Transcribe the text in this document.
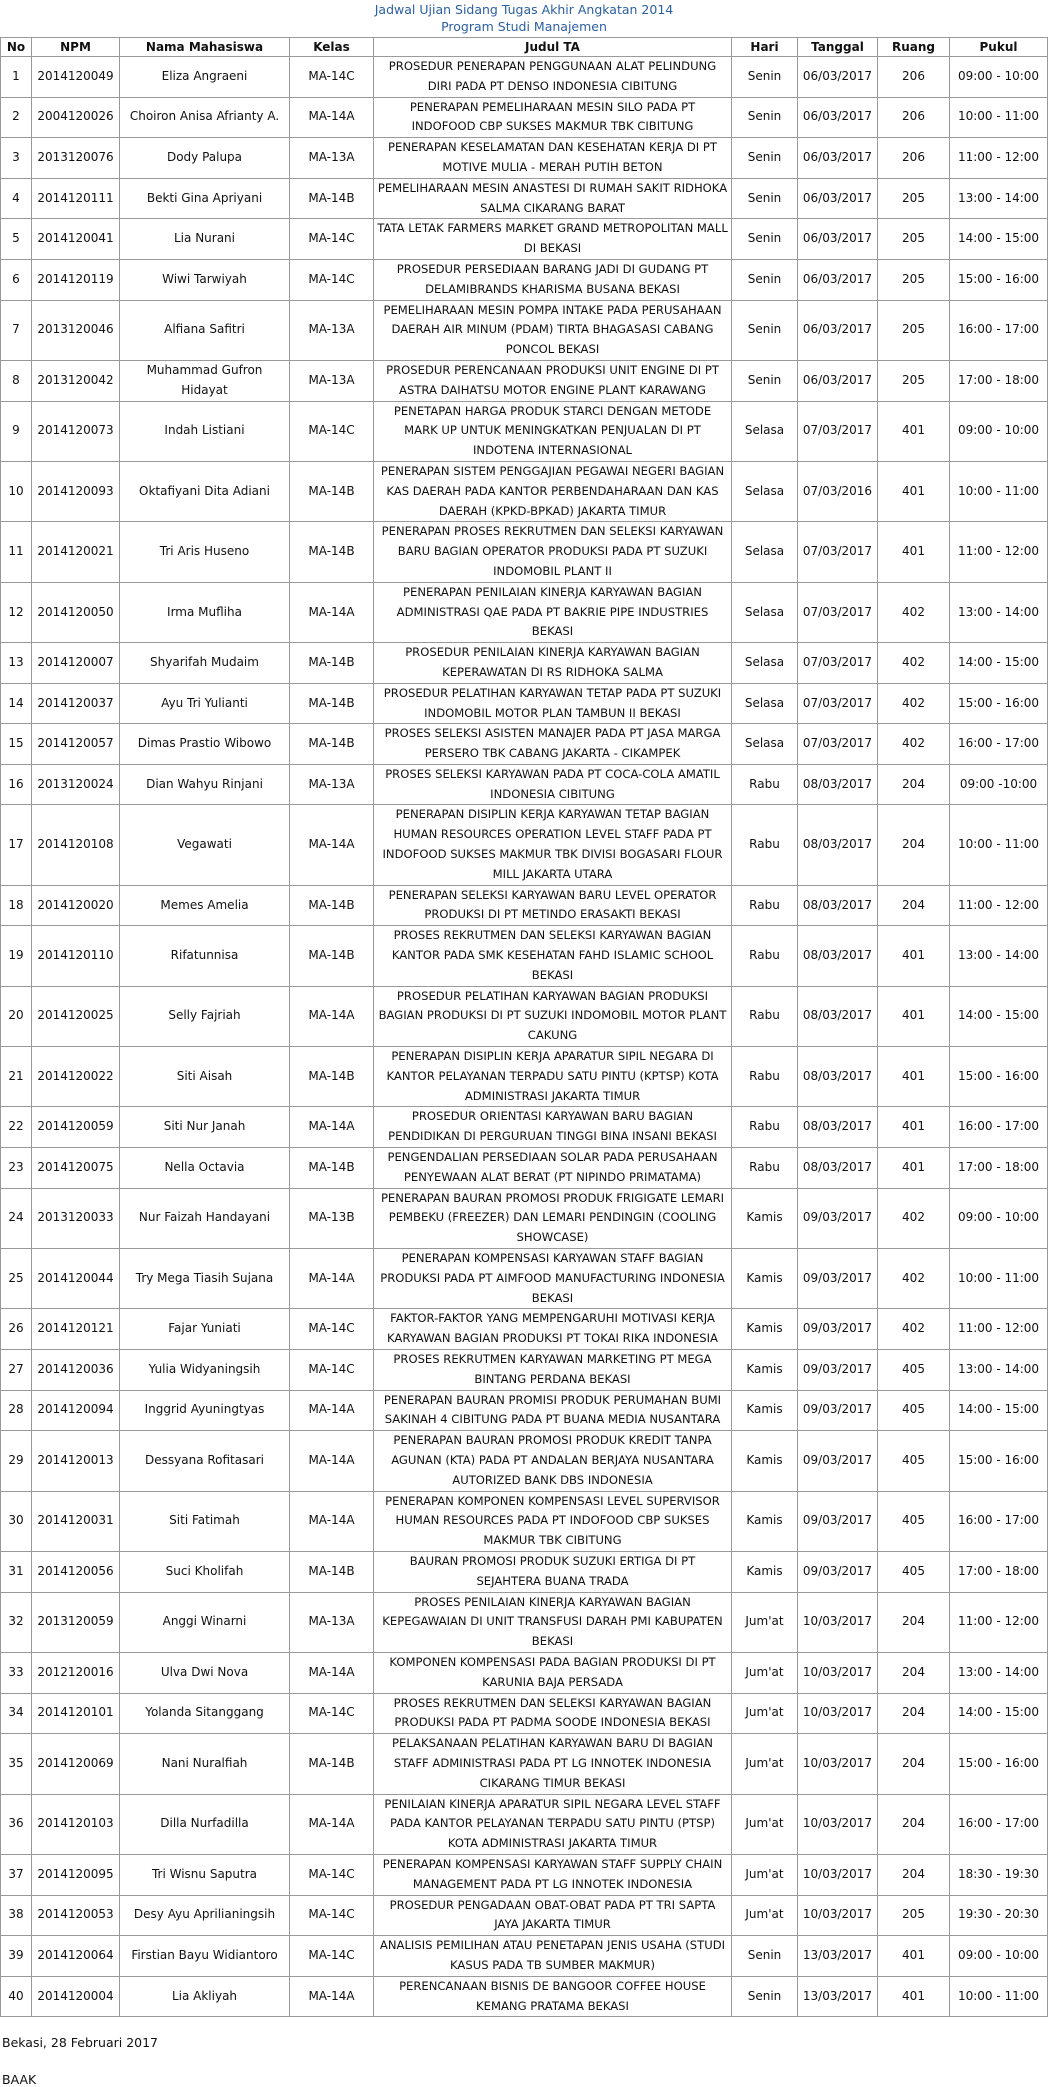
Jadwal Ujian Sidang Tugas Akhir Angkatan 2014
Program Studi Manajemen
No	NPM	Nama Mahasiswa	Kelas	Judul TA	Hari	Tanggal	Ruang	Pukul
1	2014120049	Eliza Angraeni	MA-14C	PROSEDUR PENERAPAN PENGGUNAAN ALAT PELINDUNG DIRI PADA PT DENSO INDONESIA CIBITUNG	Senin	06/03/2017	206	09:00 - 10:00
2	2004120026	Choiron Anisa Afrianty A.	MA-14A	PENERAPAN PEMELIHARAAN MESIN SILO PADA PT INDOFOOD CBP SUKSES MAKMUR TBK CIBITUNG	Senin	06/03/2017	206	10:00 - 11:00
3	2013120076	Dody Palupa	MA-13A	PENERAPAN KESELAMATAN DAN KESEHATAN KERJA DI PT MOTIVE MULIA - MERAH PUTIH BETON	Senin	06/03/2017	206	11:00 - 12:00
4	2014120111	Bekti Gina Apriyani	MA-14B	PEMELIHARAAN MESIN ANASTESI DI RUMAH SAKIT RIDHOKA SALMA CIKARANG BARAT	Senin	06/03/2017	205	13:00 - 14:00
5	2014120041	Lia Nurani	MA-14C	TATA LETAK FARMERS MARKET GRAND METROPOLITAN MALL DI BEKASI	Senin	06/03/2017	205	14:00 - 15:00
6	2014120119	Wiwi Tarwiyah	MA-14C	PROSEDUR PERSEDIAAN BARANG JADI DI GUDANG PT DELAMIBRANDS KHARISMA BUSANA BEKASI	Senin	06/03/2017	205	15:00 - 16:00
7	2013120046	Alfiana Safitri	MA-13A	PEMELIHARAAN MESIN POMPA INTAKE PADA PERUSAHAAN DAERAH AIR MINUM (PDAM) TIRTA BHAGASASI CABANG PONCOL BEKASI	Senin	06/03/2017	205	16:00 - 17:00
8	2013120042	Muhammad Gufron Hidayat	MA-13A	PROSEDUR PERENCANAAN PRODUKSI UNIT ENGINE DI PT ASTRA DAIHATSU MOTOR ENGINE PLANT KARAWANG	Senin	06/03/2017	205	17:00 - 18:00
9	2014120073	Indah Listiani	MA-14C	PENETAPAN HARGA PRODUK STARCI DENGAN METODE MARK UP UNTUK MENINGKATKAN PENJUALAN DI PT INDOTENA INTERNASIONAL	Selasa	07/03/2017	401	09:00 - 10:00
10	2014120093	Oktafiyani Dita Adiani	MA-14B	PENERAPAN SISTEM PENGGAJIAN PEGAWAI NEGERI BAGIAN KAS DAERAH PADA KANTOR PERBENDAHARAAN DAN KAS DAERAH (KPKD-BPKAD) JAKARTA TIMUR	Selasa	07/03/2016	401	10:00 - 11:00
11	2014120021	Tri Aris Huseno	MA-14B	PENERAPAN PROSES REKRUTMEN DAN SELEKSI KARYAWAN BARU BAGIAN OPERATOR PRODUKSI PADA PT SUZUKI INDOMOBIL PLANT II	Selasa	07/03/2017	401	11:00 - 12:00
12	2014120050	Irma Mufliha	MA-14A	PENERAPAN PENILAIAN KINERJA KARYAWAN BAGIAN ADMINISTRASI QAE PADA PT BAKRIE PIPE INDUSTRIES BEKASI	Selasa	07/03/2017	402	13:00 - 14:00
13	2014120007	Shyarifah Mudaim	MA-14B	PROSEDUR PENILAIAN KINERJA KARYAWAN BAGIAN KEPERAWATAN DI RS RIDHOKA SALMA	Selasa	07/03/2017	402	14:00 - 15:00
14	2014120037	Ayu Tri Yulianti	MA-14B	PROSEDUR PELATIHAN KARYAWAN TETAP PADA PT SUZUKI INDOMOBIL MOTOR PLAN TAMBUN II BEKASI	Selasa	07/03/2017	402	15:00 - 16:00
15	2014120057	Dimas Prastio Wibowo	MA-14B	PROSES SELEKSI ASISTEN MANAJER PADA PT JASA MARGA PERSERO TBK CABANG JAKARTA - CIKAMPEK	Selasa	07/03/2017	402	16:00 - 17:00
16	2013120024	Dian Wahyu Rinjani	MA-13A	PROSES SELEKSI KARYAWAN PADA PT COCA-COLA AMATIL INDONESIA CIBITUNG	Rabu	08/03/2017	204	09:00 -10:00
17	2014120108	Vegawati	MA-14A	PENERAPAN DISIPLIN KERJA KARYAWAN TETAP BAGIAN HUMAN RESOURCES OPERATION LEVEL STAFF PADA PT INDOFOOD SUKSES MAKMUR TBK DIVISI BOGASARI FLOUR MILL JAKARTA UTARA	Rabu	08/03/2017	204	10:00 - 11:00
18	2014120020	Memes Amelia	MA-14B	PENERAPAN SELEKSI KARYAWAN BARU LEVEL OPERATOR PRODUKSI DI PT METINDO ERASAKTI BEKASI	Rabu	08/03/2017	204	11:00 - 12:00
19	2014120110	Rifatunnisa	MA-14B	PROSES REKRUTMEN DAN SELEKSI KARYAWAN BAGIAN KANTOR PADA SMK KESEHATAN FAHD ISLAMIC SCHOOL BEKASI	Rabu	08/03/2017	401	13:00 - 14:00
20	2014120025	Selly Fajriah	MA-14A	PROSEDUR PELATIHAN KARYAWAN BAGIAN PRODUKSI BAGIAN PRODUKSI DI PT SUZUKI INDOMOBIL MOTOR PLANT CAKUNG	Rabu	08/03/2017	401	14:00 - 15:00
21	2014120022	Siti Aisah	MA-14B	PENERAPAN DISIPLIN KERJA APARATUR SIPIL NEGARA DI KANTOR PELAYANAN TERPADU SATU PINTU (KPTSP) KOTA ADMINISTRASI JAKARTA TIMUR	Rabu	08/03/2017	401	15:00 - 16:00
22	2014120059	Siti Nur Janah	MA-14A	PROSEDUR ORIENTASI KARYAWAN BARU BAGIAN PENDIDIKAN DI PERGURUAN TINGGI BINA INSANI BEKASI	Rabu	08/03/2017	401	16:00 - 17:00
23	2014120075	Nella Octavia	MA-14B	PENGENDALIAN PERSEDIAAN SOLAR PADA PERUSAHAAN PENYEWAAN ALAT BERAT (PT NIPINDO PRIMATAMA)	Rabu	08/03/2017	401	17:00 - 18:00
24	2013120033	Nur Faizah Handayani	MA-13B	PENERAPAN BAURAN PROMOSI PRODUK FRIGIGATE LEMARI PEMBEKU (FREEZER) DAN LEMARI PENDINGIN (COOLING SHOWCASE)	Kamis	09/03/2017	402	09:00 - 10:00
25	2014120044	Try Mega Tiasih Sujana	MA-14A	PENERAPAN KOMPENSASI KARYAWAN STAFF BAGIAN PRODUKSI PADA PT AIMFOOD MANUFACTURING INDONESIA BEKASI	Kamis	09/03/2017	402	10:00 - 11:00
26	2014120121	Fajar Yuniati	MA-14C	FAKTOR-FAKTOR YANG MEMPENGARUHI MOTIVASI KERJA KARYAWAN BAGIAN PRODUKSI PT TOKAI RIKA INDONESIA	Kamis	09/03/2017	402	11:00 - 12:00
27	2014120036	Yulia Widyaningsih	MA-14C	PROSES REKRUTMEN KARYAWAN MARKETING PT MEGA BINTANG PERDANA BEKASI	Kamis	09/03/2017	405	13:00 - 14:00
28	2014120094	Inggrid Ayuningtyas	MA-14A	PENERAPAN BAURAN PROMISI PRODUK PERUMAHAN BUMI SAKINAH 4 CIBITUNG PADA PT BUANA MEDIA NUSANTARA	Kamis	09/03/2017	405	14:00 - 15:00
29	2014120013	Dessyana Rofitasari	MA-14A	PENERAPAN BAURAN PROMOSI PRODUK KREDIT TANPA AGUNAN (KTA) PADA PT ANDALAN BERJAYA NUSANTARA AUTORIZED BANK DBS INDONESIA	Kamis	09/03/2017	405	15:00 - 16:00
30	2014120031	Siti Fatimah	MA-14A	PENERAPAN KOMPONEN KOMPENSASI LEVEL SUPERVISOR HUMAN RESOURCES PADA PT INDOFOOD CBP SUKSES MAKMUR TBK CIBITUNG	Kamis	09/03/2017	405	16:00 - 17:00
31	2014120056	Suci Kholifah	MA-14B	BAURAN PROMOSI PRODUK SUZUKI ERTIGA DI PT SEJAHTERA BUANA TRADA	Kamis	09/03/2017	405	17:00 - 18:00
32	2013120059	Anggi Winarni	MA-13A	PROSES PENILAIAN KINERJA KARYAWAN BAGIAN KEPEGAWAIAN DI UNIT TRANSFUSI DARAH PMI KABUPATEN BEKASI	Jum'at	10/03/2017	204	11:00 - 12:00
33	2012120016	Ulva Dwi Nova	MA-14A	KOMPONEN KOMPENSASI PADA BAGIAN PRODUKSI DI PT KARUNIA BAJA PERSADA	Jum'at	10/03/2017	204	13:00 - 14:00
34	2014120101	Yolanda Sitanggang	MA-14C	PROSES REKRUTMEN DAN SELEKSI KARYAWAN BAGIAN PRODUKSI PADA PT PADMA SOODE INDONESIA BEKASI	Jum'at	10/03/2017	204	14:00 - 15:00
35	2014120069	Nani Nuralfiah	MA-14B	PELAKSANAAN PELATIHAN KARYAWAN BARU DI BAGIAN STAFF ADMINISTRASI PADA PT LG INNOTEK INDONESIA CIKARANG TIMUR BEKASI	Jum'at	10/03/2017	204	15:00 - 16:00
36	2014120103	Dilla Nurfadilla	MA-14A	PENILAIAN KINERJA APARATUR SIPIL NEGARA LEVEL STAFF PADA KANTOR PELAYANAN TERPADU SATU PINTU (PTSP) KOTA ADMINISTRASI JAKARTA TIMUR	Jum'at	10/03/2017	204	16:00 - 17:00
37	2014120095	Tri Wisnu Saputra	MA-14C	PENERAPAN KOMPENSASI KARYAWAN STAFF SUPPLY CHAIN MANAGEMENT PADA PT LG INNOTEK INDONESIA	Jum'at	10/03/2017	204	18:30 - 19:30
38	2014120053	Desy Ayu Aprilianingsih	MA-14C	PROSEDUR PENGADAAN OBAT-OBAT PADA PT TRI SAPTA JAYA JAKARTA TIMUR	Jum'at	10/03/2017	205	19:30 - 20:30
39	2014120064	Firstian Bayu Widiantoro	MA-14C	ANALISIS PEMILIHAN ATAU PENETAPAN JENIS USAHA (STUDI KASUS PADA TB SUMBER MAKMUR)	Senin	13/03/2017	401	09:00 - 10:00
40	2014120004	Lia Akliyah	MA-14A	PERENCANAAN BISNIS DE BANGOOR COFFEE HOUSE KEMANG PRATAMA BEKASI	Senin	13/03/2017	401	10:00 - 11:00
Bekasi, 28 Februari 2017
BAAK
